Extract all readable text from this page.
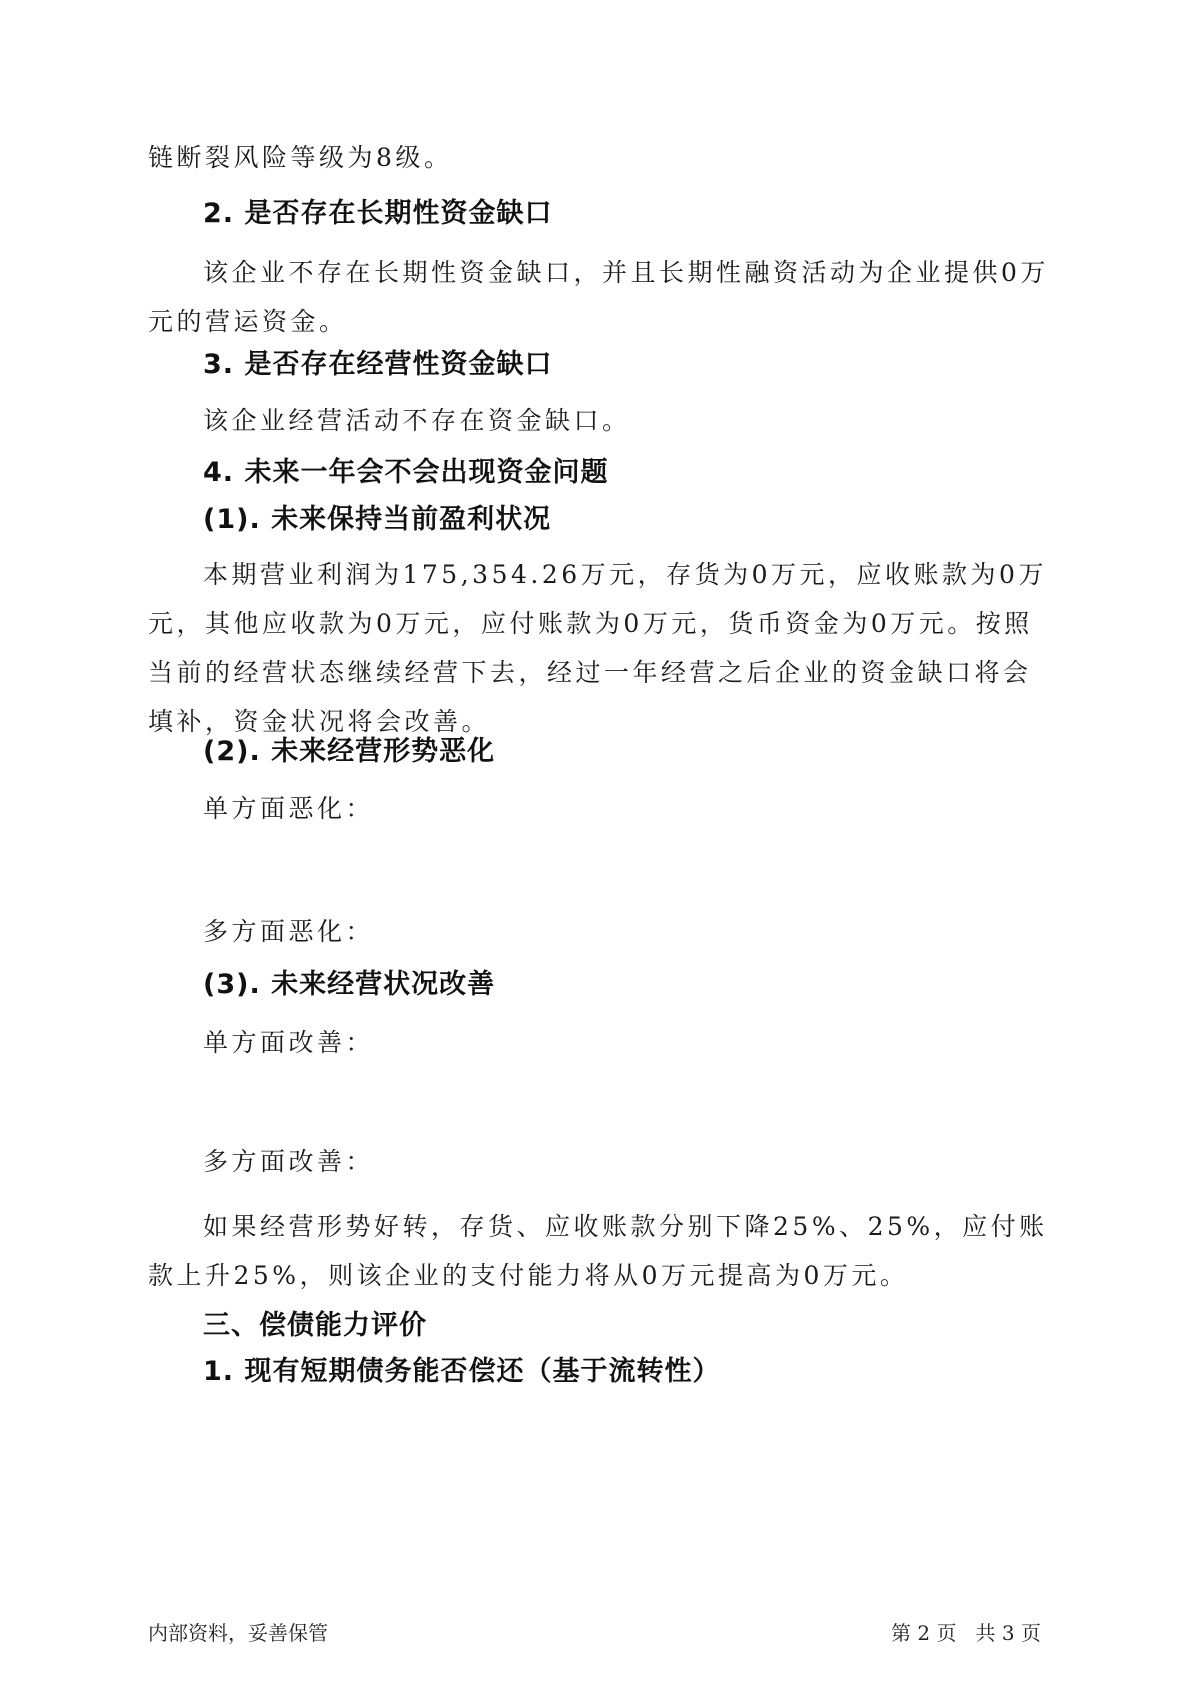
链断裂风险等级为8级。

2. 是否存在长期性资金缺口

该企业不存在长期性资金缺口，并且长期性融资活动为企业提供0万元的营运资金。

3. 是否存在经营性资金缺口

该企业经营活动不存在资金缺口。

4. 未来一年会不会出现资金问题
(1). 未来保持当前盈利状况

本期营业利润为175,354.26万元，存货为0万元，应收账款为0万元，其他应收款为0万元，应付账款为0万元，货币资金为0万元。按照当前的经营状态继续经营下去，经过一年经营之后企业的资金缺口将会填补，资金状况将会改善。

(2). 未来经营形势恶化

单方面恶化：

多方面恶化：

(3). 未来经营状况改善

单方面改善：

多方面改善：

如果经营形势好转，存货、应收账款分别下降25%、25%，应付账款上升25%，则该企业的支付能力将从0万元提高为0万元。

三、偿债能力评价
1. 现有短期债务能否偿还（基于流转性）
内部资料，妥善保管	第 2 页   共 3 页
